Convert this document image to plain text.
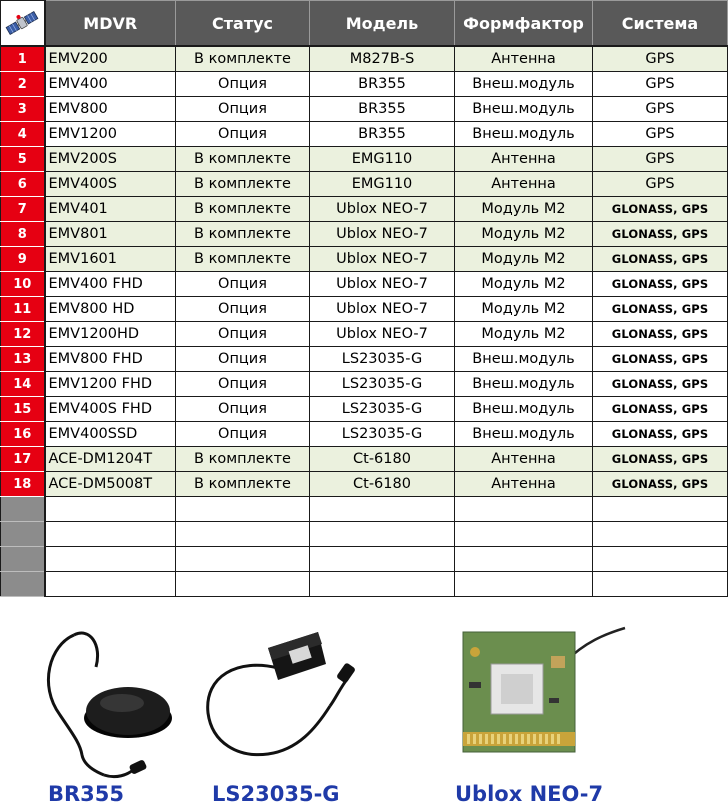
	MDVR	Статус	Модель	Формфактор	Система
1	EMV200	В комплекте	M827B-S	Антенна	GPS
2	EMV400	Опция	BR355	Внеш.модуль	GPS
3	EMV800	Опция	BR355	Внеш.модуль	GPS
4	EMV1200	Опция	BR355	Внеш.модуль	GPS
5	EMV200S	В комплекте	EMG110	Антенна	GPS
6	EMV400S	В комплекте	EMG110	Антенна	GPS
7	EMV401	В комплекте	Ublox NEO-7	Модуль М2	GLONASS, GPS
8	EMV801	В комплекте	Ublox NEO-7	Модуль М2	GLONASS, GPS
9	EMV1601	В комплекте	Ublox NEO-7	Модуль М2	GLONASS, GPS
10	EMV400 FHD	Опция	Ublox NEO-7	Модуль М2	GLONASS, GPS
11	EMV800 HD	Опция	Ublox NEO-7	Модуль М2	GLONASS, GPS
12	EMV1200HD	Опция	Ublox NEO-7	Модуль М2	GLONASS, GPS
13	EMV800 FHD	Опция	LS23035-G	Внеш.модуль	GLONASS, GPS
14	EMV1200 FHD	Опция	LS23035-G	Внеш.модуль	GLONASS, GPS
15	EMV400S FHD	Опция	LS23035-G	Внеш.модуль	GLONASS, GPS
16	EMV400SSD	Опция	LS23035-G	Внеш.модуль	GLONASS, GPS
17	ACE-DM1204T	В комплекте	Ct-6180	Антенна	GLONASS, GPS
18	ACE-DM5008T	В комплекте	Ct-6180	Антенна	GLONASS, GPS

BR355	LS23035-G	Ublox NEO-7
